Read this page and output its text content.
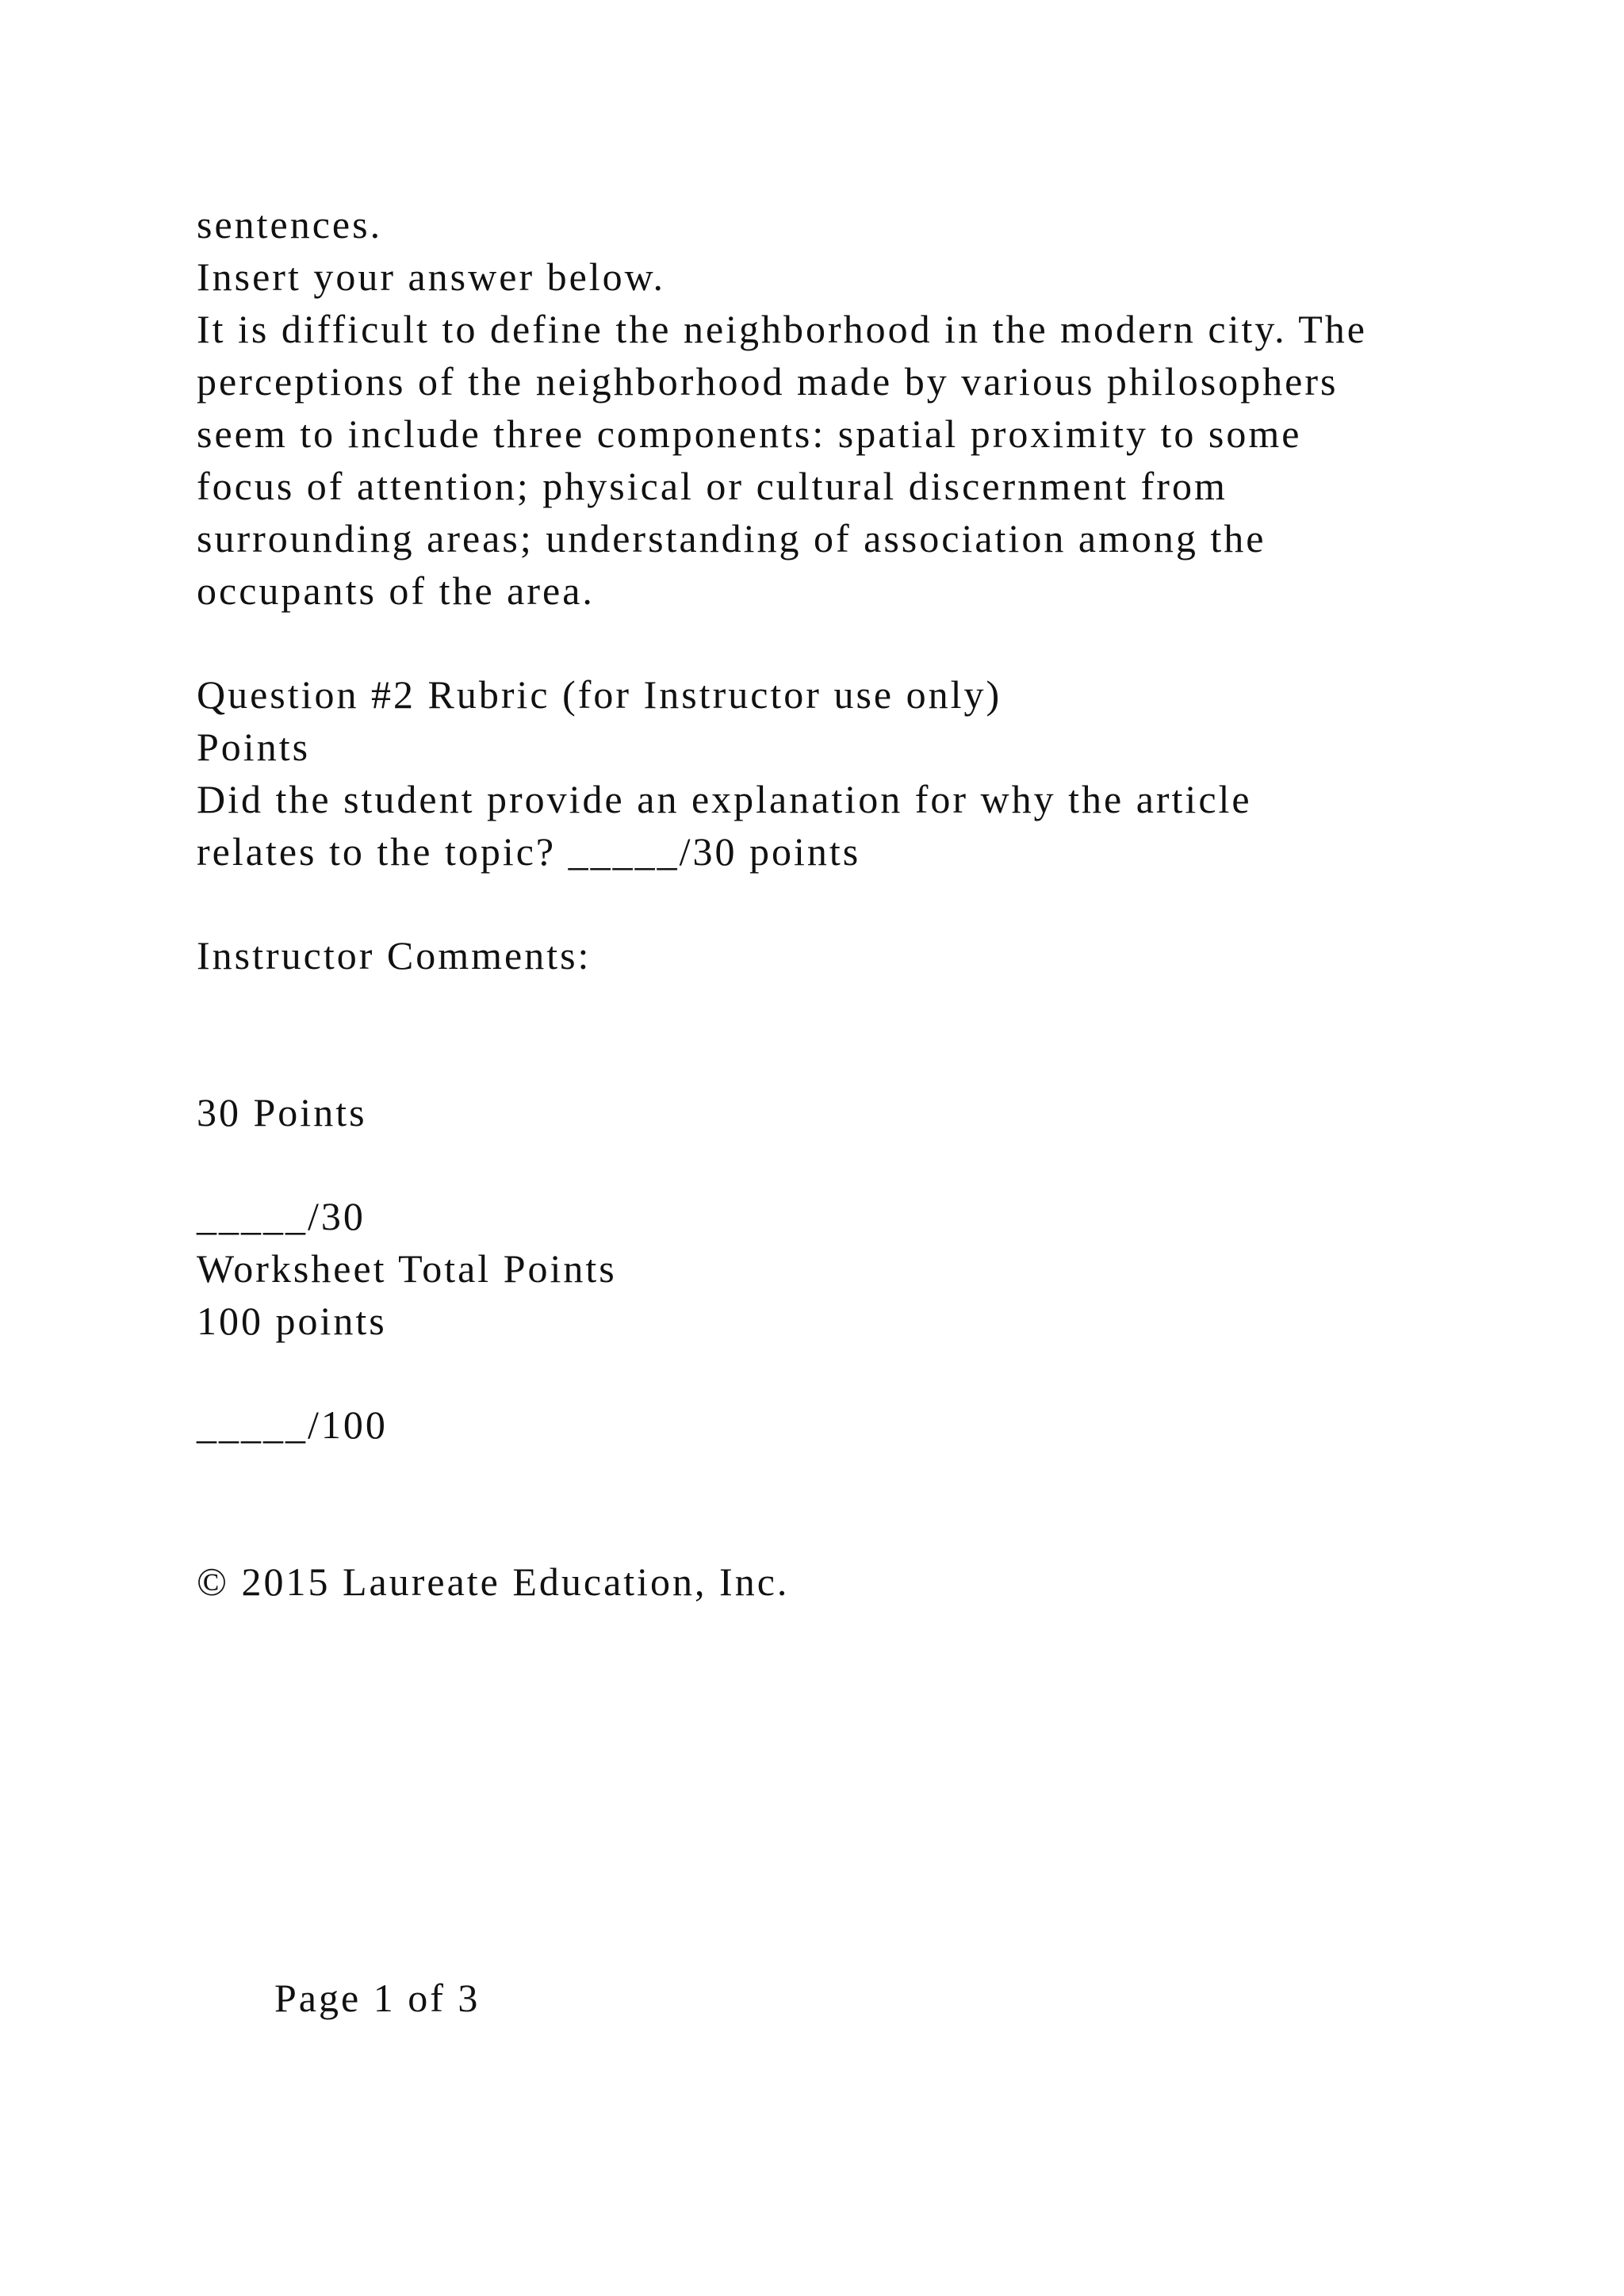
sentences.
Insert your answer below.
It is difficult to define the neighborhood in the modern city. The
perceptions of the neighborhood made by various philosophers
seem to include three components: spatial proximity to some
focus of attention; physical or cultural discernment from
surrounding areas; understanding of association among the
occupants of the area.
Question #2 Rubric (for Instructor use only)
Points
Did the student provide an explanation for why the article
relates to the topic? _____/30 points
Instructor Comments:
30 Points
_____/30
Worksheet Total Points
100 points
_____/100
© 2015 Laureate Education, Inc.
Page 1 of 3
